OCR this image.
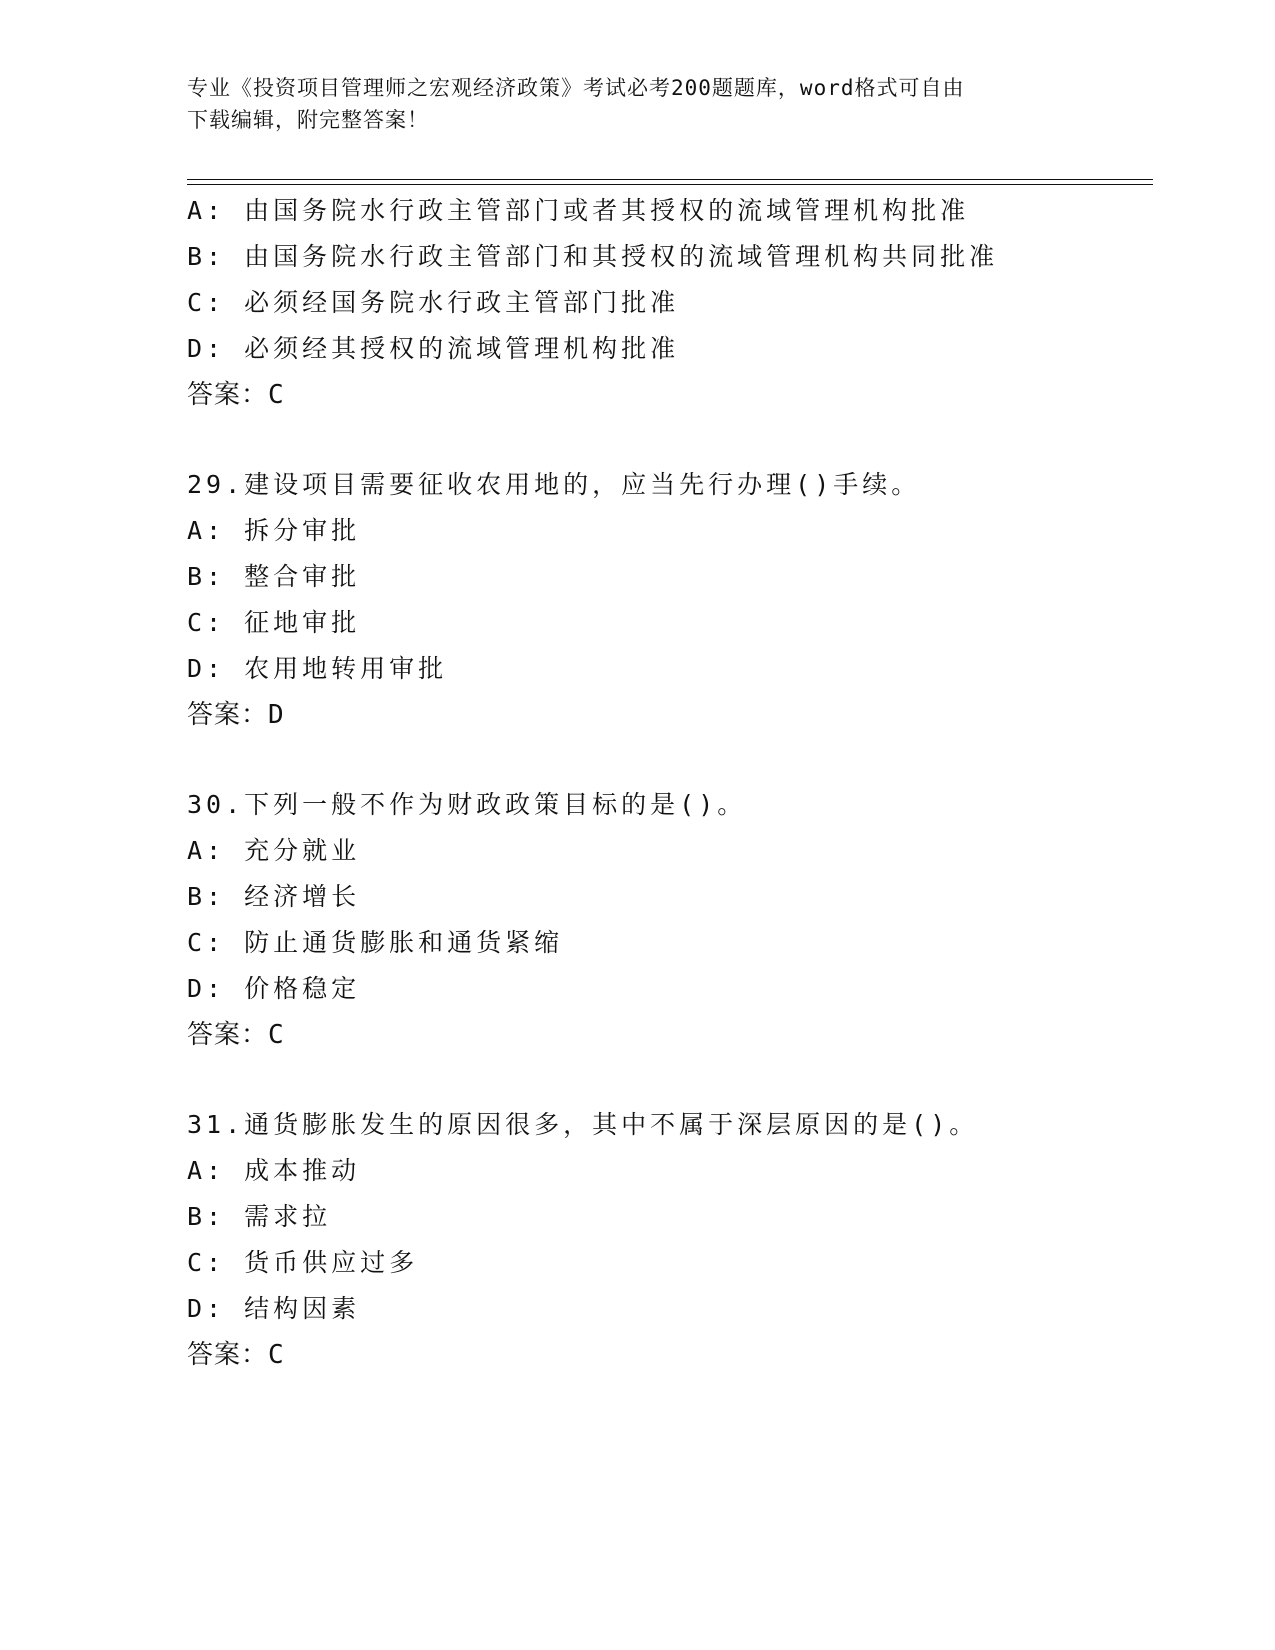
专业《投资项目管理师之宏观经济政策》考试必考200题题库，word格式可自由
下载编辑，附完整答案！
A: 由国务院水行政主管部门或者其授权的流域管理机构批准
B: 由国务院水行政主管部门和其授权的流域管理机构共同批准
C: 必须经国务院水行政主管部门批准
D: 必须经其授权的流域管理机构批准
答案：C
29.建设项目需要征收农用地的，应当先行办理()手续。
A: 拆分审批
B: 整合审批
C: 征地审批
D: 农用地转用审批
答案：D
30.下列一般不作为财政政策目标的是()。
A: 充分就业
B: 经济增长
C: 防止通货膨胀和通货紧缩
D: 价格稳定
答案：C
31.通货膨胀发生的原因很多，其中不属于深层原因的是()。
A: 成本推动
B: 需求拉
C: 货币供应过多
D: 结构因素
答案：C
